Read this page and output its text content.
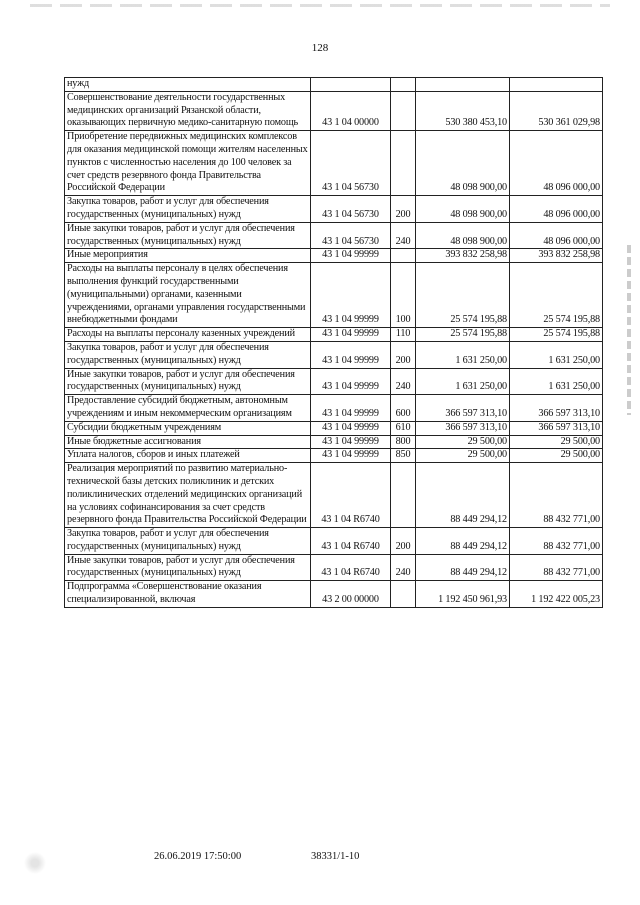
128
нужд				
Совершенствование деятельности государственных медицинских организаций Рязанской области, оказывающих первичную медико-санитарную помощь	43 1 04 00000		530 380 453,10	530 361 029,98
Приобретение передвижных медицинских комплексов для оказания медицинской помощи жителям населенных пунктов с численностью населения до 100 человек за счет средств резервного фонда Правительства Российской Федерации	43 1 04 56730		48 098 900,00	48 096 000,00
Закупка товаров, работ и услуг для обеспечения государственных (муниципальных) нужд	43 1 04 56730	200	48 098 900,00	48 096 000,00
Иные закупки товаров, работ и услуг для обеспечения государственных (муниципальных) нужд	43 1 04 56730	240	48 098 900,00	48 096 000,00
Иные мероприятия	43 1 04 99999		393 832 258,98	393 832 258,98
Расходы на выплаты персоналу в целях обеспечения выполнения функций государственными (муниципальными) органами, казенными учреждениями, органами управления государственными внебюджетными фондами	43 1 04 99999	100	25 574 195,88	25 574 195,88
Расходы на выплаты персоналу казенных учреждений	43 1 04 99999	110	25 574 195,88	25 574 195,88
Закупка товаров, работ и услуг для обеспечения государственных (муниципальных) нужд	43 1 04 99999	200	1 631 250,00	1 631 250,00
Иные закупки товаров, работ и услуг для обеспечения государственных (муниципальных) нужд	43 1 04 99999	240	1 631 250,00	1 631 250,00
Предоставление субсидий бюджетным, автономным учреждениям и иным некоммерческим организациям	43 1 04 99999	600	366 597 313,10	366 597 313,10
Субсидии бюджетным учреждениям	43 1 04 99999	610	366 597 313,10	366 597 313,10
Иные бюджетные ассигнования	43 1 04 99999	800	29 500,00	29 500,00
Уплата налогов, сборов и иных платежей	43 1 04 99999	850	29 500,00	29 500,00
Реализация мероприятий по развитию материально-технической базы детских поликлиник и детских поликлинических отделений медицинских организаций на условиях софинансирования за счет средств резервного фонда Правительства Российской Федерации	43 1 04 R6740		88 449 294,12	88 432 771,00
Закупка товаров, работ и услуг для обеспечения государственных (муниципальных) нужд	43 1 04 R6740	200	88 449 294,12	88 432 771,00
Иные закупки товаров, работ и услуг для обеспечения государственных (муниципальных) нужд	43 1 04 R6740	240	88 449 294,12	88 432 771,00
Подпрограмма «Совершенствование оказания специализированной, включая	43 2 00 00000		1 192 450 961,93	1 192 422 005,23
26.06.2019 17:50:00	38331/1-10
